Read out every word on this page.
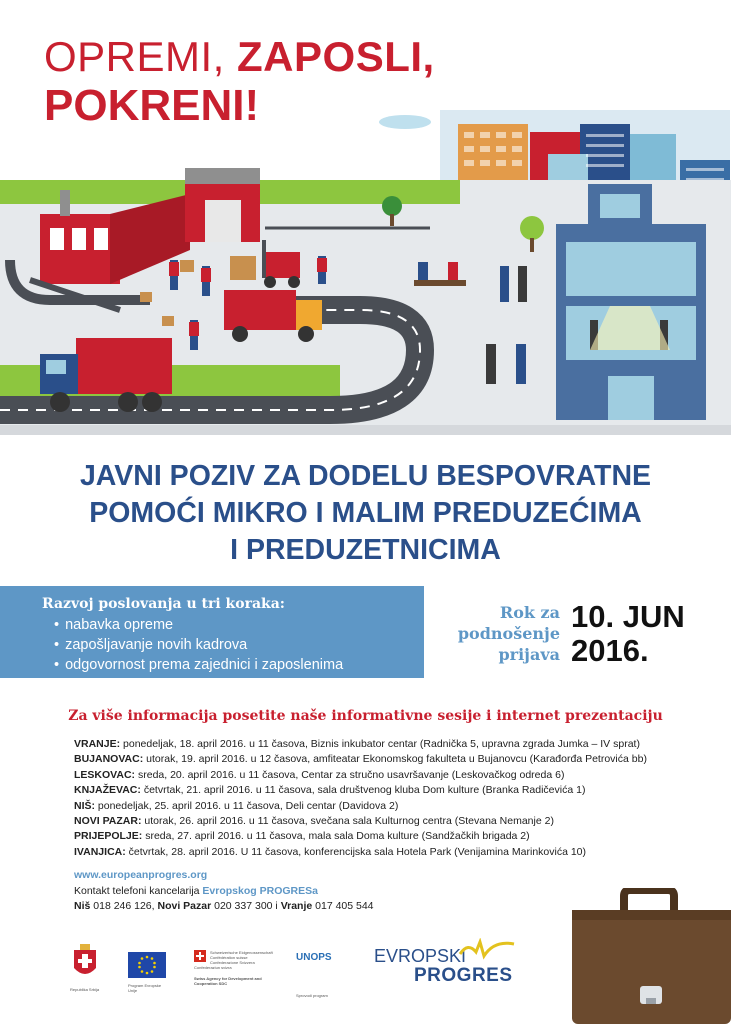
OPREMI, ZAPOSLI,
POKRENI!
JAVNI POZIV ZA DODELU BESPOVRATNE
POMOĆI MIKRO I MALIM PREDUZEĆIMA
I PREDUZETNICIMA
Razvoj poslovanja u tri koraka:
• nabavka opreme
• zapošljavanje novih kadrova
• odgovornost prema zajednici i zaposlenima
Rok za
podnošenje
prijava
10. JUN
2016.
Za više informacija posetite naše informativne sesije i internet prezentaciju
VRANJE: ponedeljak, 18. april 2016. u 11 časova, Biznis inkubator centar (Radnička 5, upravna zgrada Jumka – IV sprat)
BUJANOVAC: utorak, 19. april 2016. u 12 časova, amfiteatar Ekonomskog fakulteta u Bujanovcu (Karađorđa Petrovića bb)
LESKOVAC: sreda, 20. april 2016. u 11 časova, Centar za stručno usavršavanje (Leskovačkog odreda 6)
KNJAŽEVAC: četvrtak, 21. april 2016. u 11 časova, sala društvenog kluba Dom kulture (Branka Radičevića 1)
NIŠ: ponedeljak, 25. april 2016. u 11 časova, Deli centar (Davidova 2)
NOVI PAZAR: utorak, 26. april 2016. u 11 časova, svečana sala Kulturnog centra (Stevana Nemanje 2)
PRIJEPOLJE: sreda, 27. april 2016. u 11 časova, mala sala Doma kulture (Sandžačkih brigada 2)
IVANJICA: četvrtak, 28. april 2016. U 11 časova, konferencijska sala Hotela Park (Venijamina Marinkovića 10)
www.europeanprogres.org
Kontakt telefoni kancelarija Evropskog PROGRESa
Niš 018 246 126, Novi Pazar 020 337 300 i Vranje 017 405 544
Republika Srbija
Program Evropske Unije
Schweizerische Eidgenossenschaft
Confédération suisse
Confederazione Svizzera
Confederaziun svizra
Swiss Agency for Development and Cooperation SDC
UNOPS
Sprovodi program
EVROPSKI
PROGRES
